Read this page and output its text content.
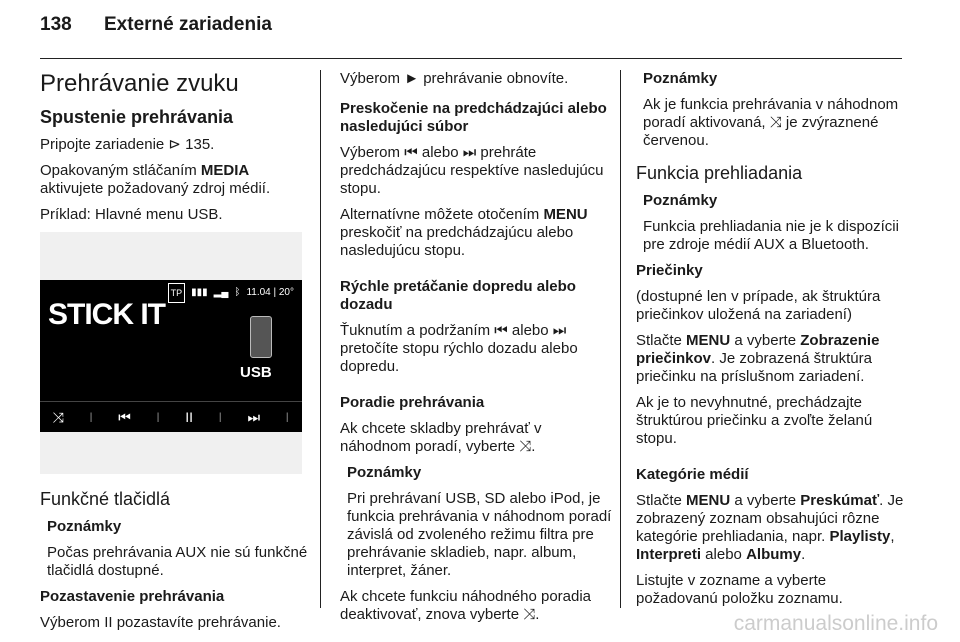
138 Externé zariadenia

Prehrávanie zvuku

Spustenie prehrávania

Pripojte zariadenie ⊳ 135.

Opakovaným stláčaním MEDIA aktivujete požadovaný zdroj médií.

Príklad: Hlavné menu USB.

TP ▮▮▮ ▂▄ ᛒ 11.04 | 20°
STICK IT
USB
⤨ I ⏮ I II I ⏭ I

Funkčné tlačidlá

Poznámky

Počas prehrávania AUX nie sú funkčné tlačidlá dostupné.

Pozastavenie prehrávania

Výberom II pozastavíte prehrávanie.

Výberom ► prehrávanie obnovíte.

Preskočenie na predchádzajúci alebo nasledujúci súbor

Výberom ⏮ alebo ⏭ prehráte predchádzajúcu respektíve nasledujúcu stopu.

Alternatívne môžete otočením MENU preskočiť na predchádzajúcu alebo nasledujúcu stopu.

Rýchle pretáčanie dopredu alebo dozadu

Ťuknutím a podržaním ⏮ alebo ⏭ pretočíte stopu rýchlo dozadu alebo dopredu.

Poradie prehrávania

Ak chcete skladby prehrávať v náhodnom poradí, vyberte ⤨.

Poznámky

Pri prehrávaní USB, SD alebo iPod, je funkcia prehrávania v náhodnom poradí závislá od zvoleného režimu filtra pre prehrávanie skladieb, napr. album, interpret, žáner.

Ak chcete funkciu náhodného poradia deaktivovať, znova vyberte ⤨.

Poznámky

Ak je funkcia prehrávania v náhodnom poradí aktivovaná, ⤨ je zvýraznené červenou.

Funkcia prehliadania

Poznámky

Funkcia prehliadania nie je k dispozícii pre zdroje médií AUX a Bluetooth.

Priečinky

(dostupné len v prípade, ak štruktúra priečinkov uložená na zariadení)

Stlačte MENU a vyberte Zobrazenie priečinkov. Je zobrazená štruktúra priečinku na príslušnom zariadení.

Ak je to nevyhnutné, prechádzajte štruktúrou priečinku a zvoľte želanú stopu.

Kategórie médií

Stlačte MENU a vyberte Preskúmať. Je zobrazený zoznam obsahujúci rôzne kategórie prehliadania, napr. Playlisty, Interpreti alebo Albumy.

Listujte v zozname a vyberte požadovanú položku zoznamu.

carmanualsonline.info
